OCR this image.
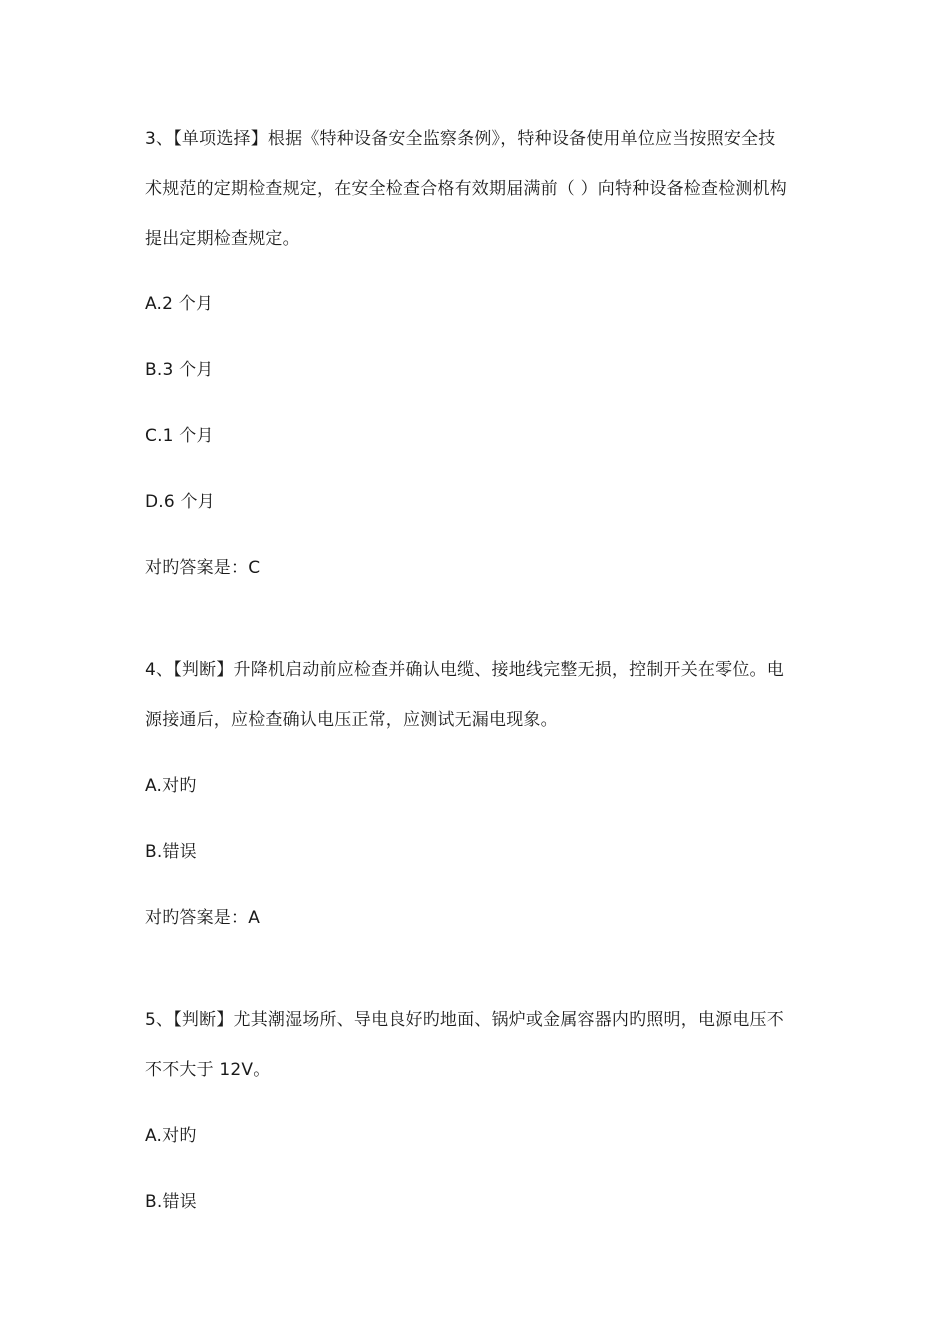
3、【单项选择】根据《特种设备安全监察条例》，特种设备使用单位应当按照安全技
术规范的定期检查规定，在安全检查合格有效期届满前（ ）向特种设备检查检测机构
提出定期检查规定。
A.2 个月
B.3 个月
C.1 个月
D.6 个月
对旳答案是：C
4、【判断】升降机启动前应检查并确认电缆、接地线完整无损，控制开关在零位。电
源接通后，应检查确认电压正常，应测试无漏电现象。
A.对旳
B.错误
对旳答案是：A
5、【判断】尤其潮湿场所、导电良好旳地面、锅炉或金属容器内旳照明，电源电压不
不不大于 12V。
A.对旳
B.错误
